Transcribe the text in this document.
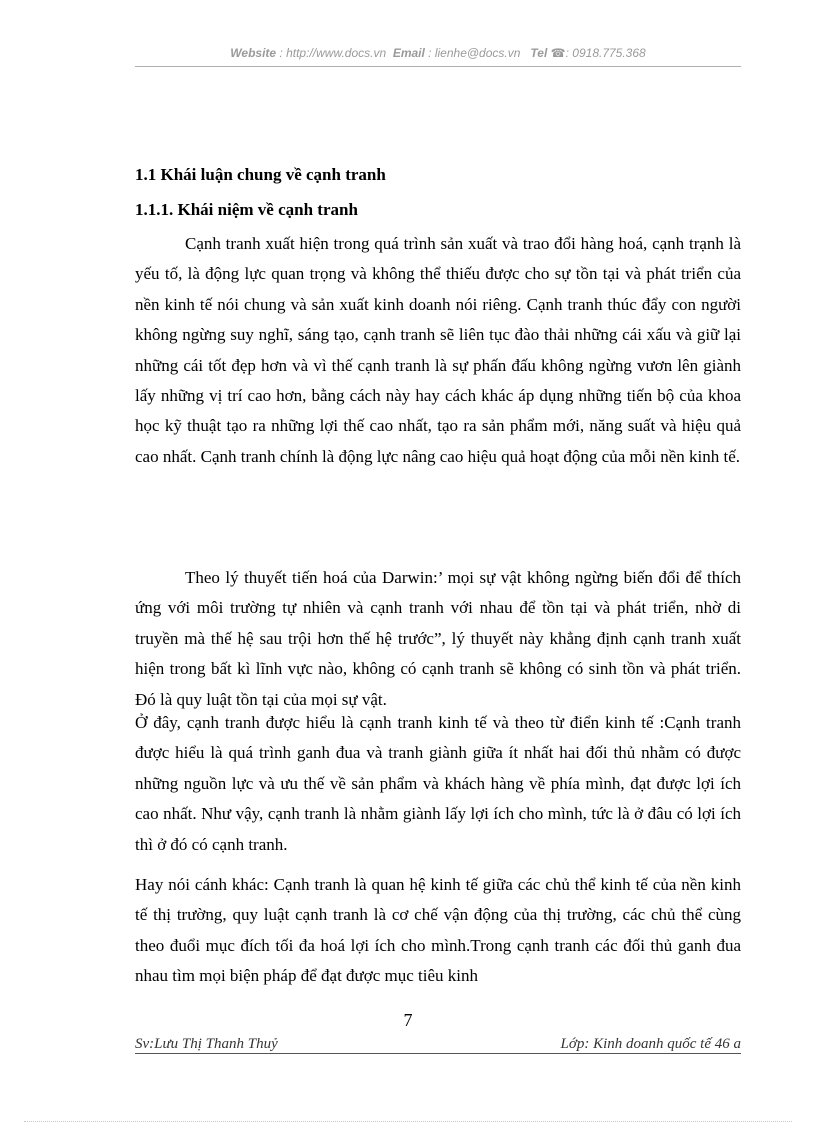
Website : http://www.docs.vn Email : lienhe@docs.vn Tel ☎: 0918.775.368
1.1 Khái luận chung về cạnh tranh
1.1.1. Khái niệm về cạnh tranh

Cạnh tranh xuất hiện trong quá trình sản xuất và trao đổi hàng hoá, cạnh trạnh là yếu tố, là động lực quan trọng và không thể thiếu được cho sự tồn tại và phát triển của nền kinh tế nói chung và sản xuất kinh doanh nói riêng. Cạnh tranh thúc đẩy con người không ngừng suy nghĩ, sáng tạo, cạnh tranh sẽ liên tục đào thải những cái xấu và giữ lại những cái tốt đẹp hơn và vì thế cạnh tranh là sự phấn đấu không ngừng vươn lên giành lấy những vị trí cao hơn, bằng cách này hay cách khác áp dụng những tiến bộ của khoa học kỹ thuật tạo ra những lợi thế cao nhất, tạo ra sản phẩm mới, năng suất và hiệu quả cao nhất. Cạnh tranh chính là động lực nâng cao hiệu quả hoạt động của mỗi nền kinh tế.

Theo lý thuyết tiến hoá của Darwin:’ mọi sự vật không ngừng biến đổi để thích ứng với môi trường tự nhiên và cạnh tranh với nhau để tồn tại và phát triển, nhờ di truyền mà thế hệ sau trội hơn thế hệ trước”, lý thuyết này khẳng định cạnh tranh xuất hiện trong bất kì lĩnh vực nào, không có cạnh tranh sẽ không có sinh tồn và phát triển. Đó là quy luật tồn tại của mọi sự vật.

Ở đây, cạnh tranh được hiểu là cạnh tranh kinh tế và theo từ điển kinh tế :Cạnh tranh được hiểu là quá trình ganh đua và tranh giành giữa ít nhất hai đối thủ nhằm có được những nguồn lực và ưu thế về sản phẩm và khách hàng về phía mình, đạt được lợi ích cao nhất. Như vậy, cạnh tranh là nhằm giành lấy lợi ích cho mình, tức là ở đâu có lợi ích thì ở đó có cạnh tranh.

Hay nói cánh khác: Cạnh tranh là quan hệ kinh tế giữa các chủ thể kinh tế của nền kinh tế thị trường, quy luật cạnh tranh là cơ chế vận động của thị trường, các chủ thể cùng theo đuổi mục đích tối đa hoá lợi ích cho mình.Trong cạnh tranh các đối thủ ganh đua nhau tìm mọi biện pháp để đạt được mục tiêu kinh

7
Sv:Lưu Thị Thanh Thuỷ	Lớp: Kinh doanh quốc tế 46 a
